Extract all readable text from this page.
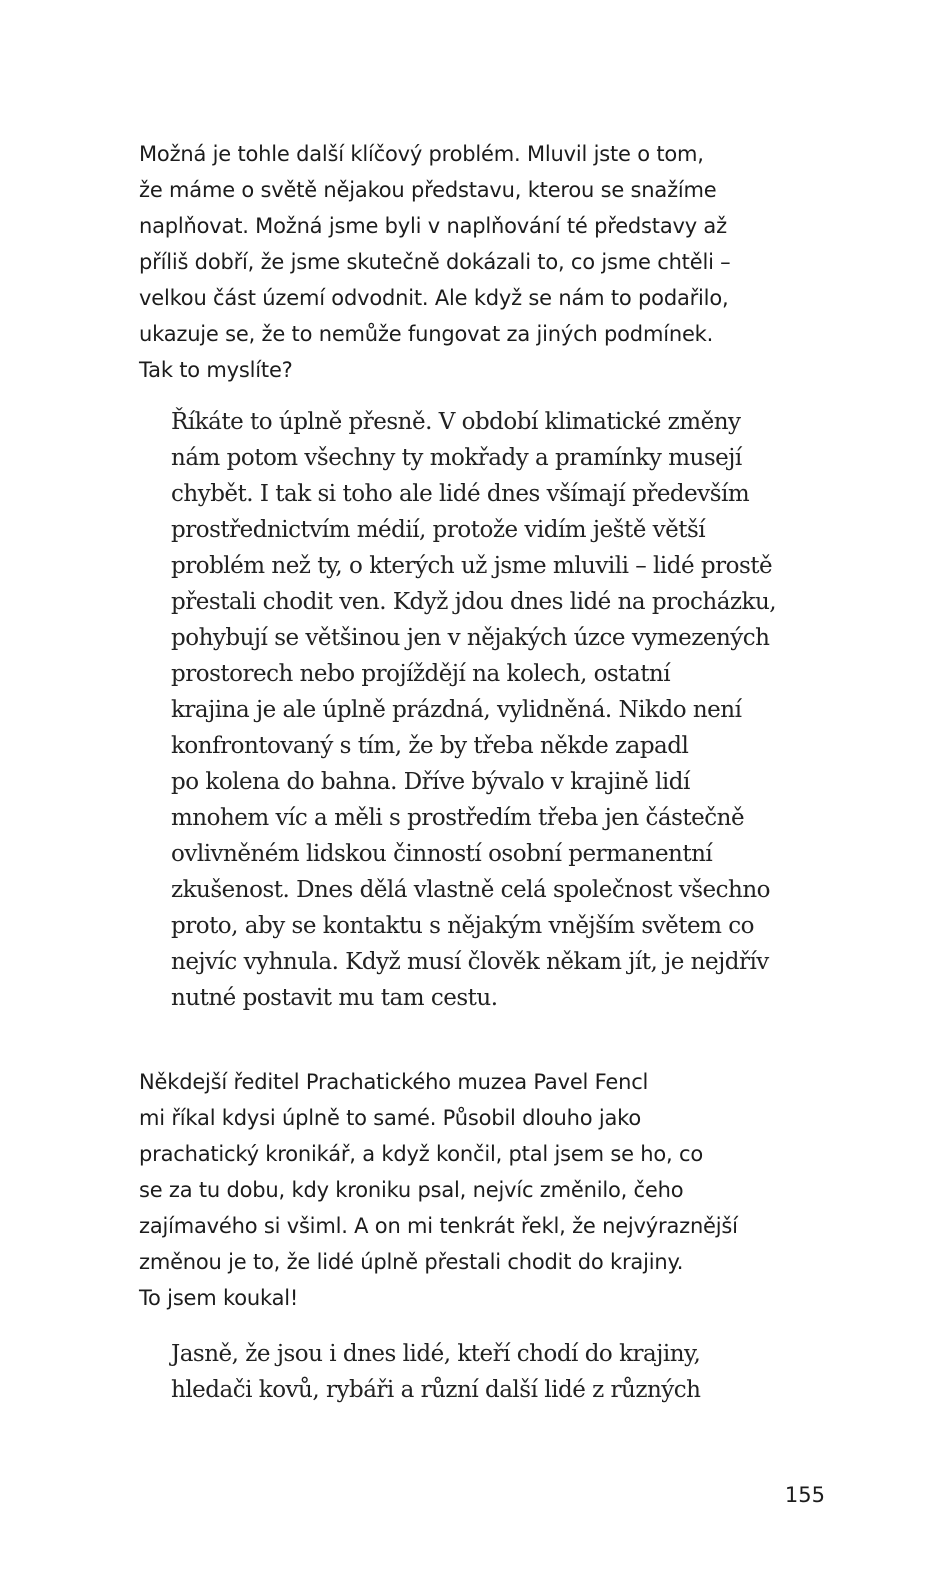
Možná je tohle další klíčový problém. Mluvil jste o tom,
že máme o světě nějakou představu, kterou se snažíme
naplňovat. Možná jsme byli v naplňování té představy až
příliš dobří, že jsme skutečně dokázali to, co jsme chtěli –
velkou část území odvodnit. Ale když se nám to podařilo,
ukazuje se, že to nemůže fungovat za jiných podmínek.
Tak to myslíte?
Říkáte to úplně přesně. V období klimatické změny
nám potom všechny ty mokřady a pramínky musejí
chybět. I tak si toho ale lidé dnes všímají především
prostřednictvím médií, protože vidím ještě větší
problém než ty, o kterých už jsme mluvili – lidé prostě
přestali chodit ven. Když jdou dnes lidé na procházku,
pohybují se většinou jen v nějakých úzce vymezených
prostorech nebo projíždějí na kolech, ostatní
krajina je ale úplně prázdná, vylidněná. Nikdo není
konfrontovaný s tím, že by třeba někde zapadl
po kolena do bahna. Dříve bývalo v krajině lidí
mnohem víc a měli s prostředím třeba jen částečně
ovlivněném lidskou činností osobní permanentní
zkušenost. Dnes dělá vlastně celá společnost všechno
proto, aby se kontaktu s nějakým vnějším světem co
nejvíc vyhnula. Když musí člověk někam jít, je nejdřív
nutné postavit mu tam cestu.
Někdejší ředitel Prachatického muzea Pavel Fencl
mi říkal kdysi úplně to samé. Působil dlouho jako
prachatický kronikář, a když končil, ptal jsem se ho, co
se za tu dobu, kdy kroniku psal, nejvíc změnilo, čeho
zajímavého si všiml. A on mi tenkrát řekl, že nejvýraznější
změnou je to, že lidé úplně přestali chodit do krajiny.
To jsem koukal!
Jasně, že jsou i dnes lidé, kteří chodí do krajiny,
hledači kovů, rybáři a různí další lidé z různých
155
